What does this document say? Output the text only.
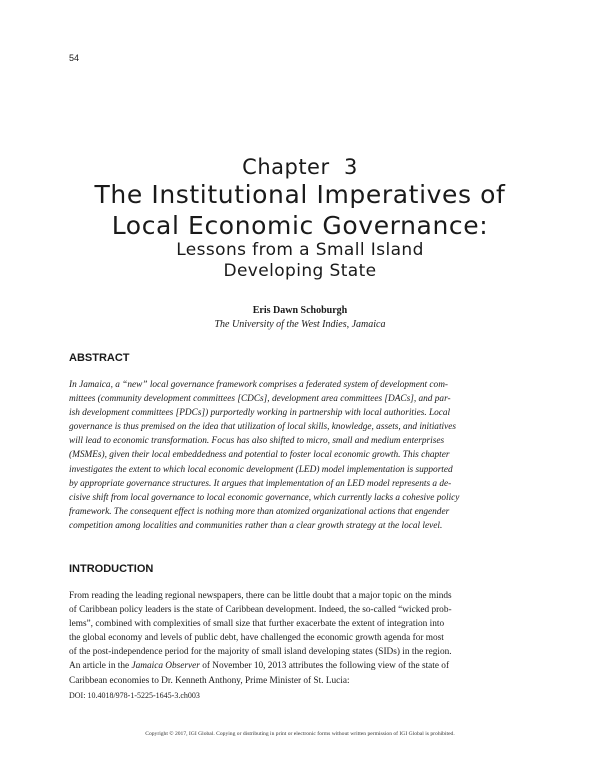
54
Chapter  3
The Institutional Imperatives of
Local Economic Governance:
Lessons from a Small Island
Developing State
Eris Dawn Schoburgh
The University of the West Indies, Jamaica
ABSTRACT
In Jamaica, a “new” local governance framework comprises a federated system of development com-
mittees (community development committees [CDCs], development area committees [DACs], and par-
ish development committees [PDCs]) purportedly working in partnership with local authorities. Local
governance is thus premised on the idea that utilization of local skills, knowledge, assets, and initiatives
will lead to economic transformation. Focus has also shifted to micro, small and medium enterprises
(MSMEs), given their local embeddedness and potential to foster local economic growth. This chapter
investigates the extent to which local economic development (LED) model implementation is supported
by appropriate governance structures. It argues that implementation of an LED model represents a de-
cisive shift from local governance to local economic governance, which currently lacks a cohesive policy
framework. The consequent effect is nothing more than atomized organizational actions that engender
competition among localities and communities rather than a clear growth strategy at the local level.
INTRODUCTION
From reading the leading regional newspapers, there can be little doubt that a major topic on the minds
of Caribbean policy leaders is the state of Caribbean development. Indeed, the so-called “wicked prob-
lems”, combined with complexities of small size that further exacerbate the extent of integration into
the global economy and levels of public debt, have challenged the economic growth agenda for most
of the post-independence period for the majority of small island developing states (SIDs) in the region.
An article in the Jamaica Observer of November 10, 2013 attributes the following view of the state of
Caribbean economies to Dr. Kenneth Anthony, Prime Minister of St. Lucia:
DOI: 10.4018/978-1-5225-1645-3.ch003
Copyright © 2017, IGI Global. Copying or distributing in print or electronic forms without written permission of IGI Global is prohibited.
